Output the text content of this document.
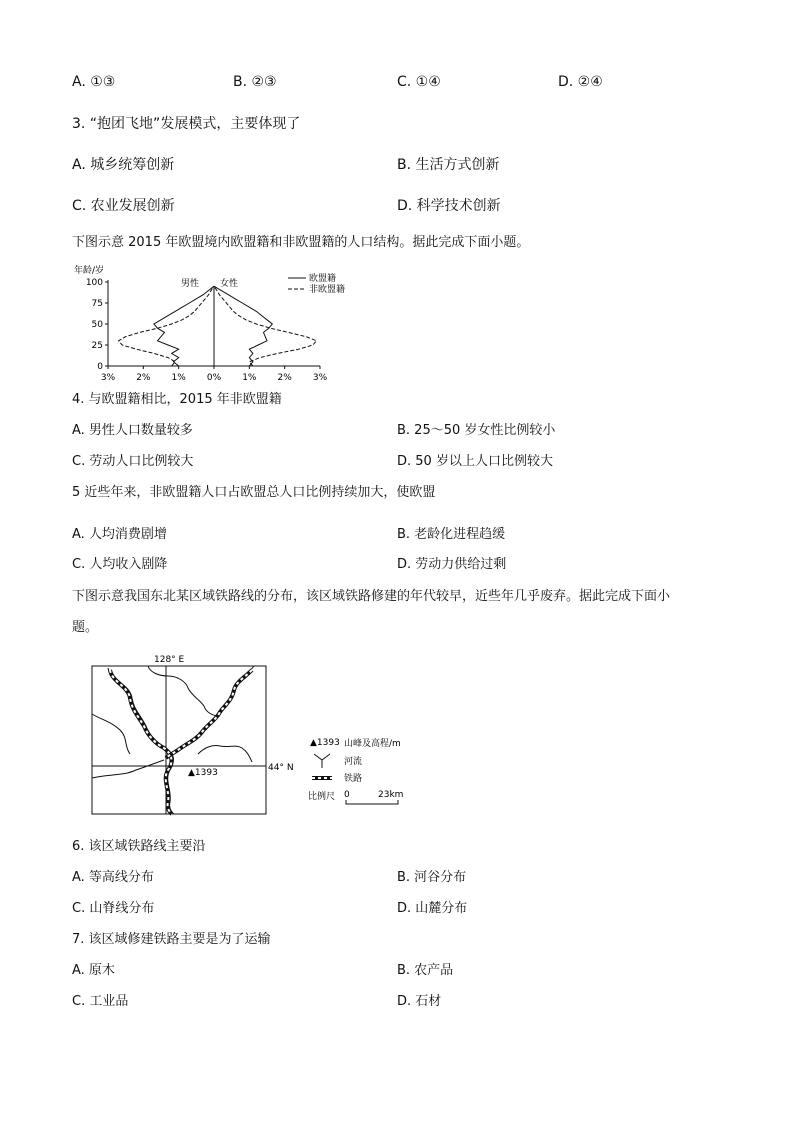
A. ①③	B. ②③	C. ①④	D. ②④
3. “抱团飞地”发展模式，主要体现了
A. 城乡统筹创新	B. 生活方式创新
C. 农业发展创新	D. 科学技术创新
下图示意 2015 年欧盟境内欧盟籍和非欧盟籍的人口结构。据此完成下面小题。
年龄/岁
100
75
50
25
0
3% 2% 1% 0% 1% 2% 3%
男性 女性	欧盟籍
非欧盟籍
4. 与欧盟籍相比，2015 年非欧盟籍
A. 男性人口数量较多	B. 25～50 岁女性比例较小
C. 劳动人口比例较大	D. 50 岁以上人口比例较大
5 近些年来，非欧盟籍人口占欧盟总人口比例持续加大，使欧盟
A. 人均消费剧增	B. 老龄化进程趋缓
C. 人均收入剧降	D. 劳动力供给过剩
下图示意我国东北某区域铁路线的分布，该区域铁路修建的年代较早，近些年几乎废弃。据此完成下面小
题。
128° E
▲1393	44° N
▲1393 山峰及高程/m
河流
铁路
比例尺 0	23km
6. 该区域铁路线主要沿
A. 等高线分布	B. 河谷分布
C. 山脊线分布	D. 山麓分布
7. 该区域修建铁路主要是为了运输
A. 原木	B. 农产品
C. 工业品	D. 石材
